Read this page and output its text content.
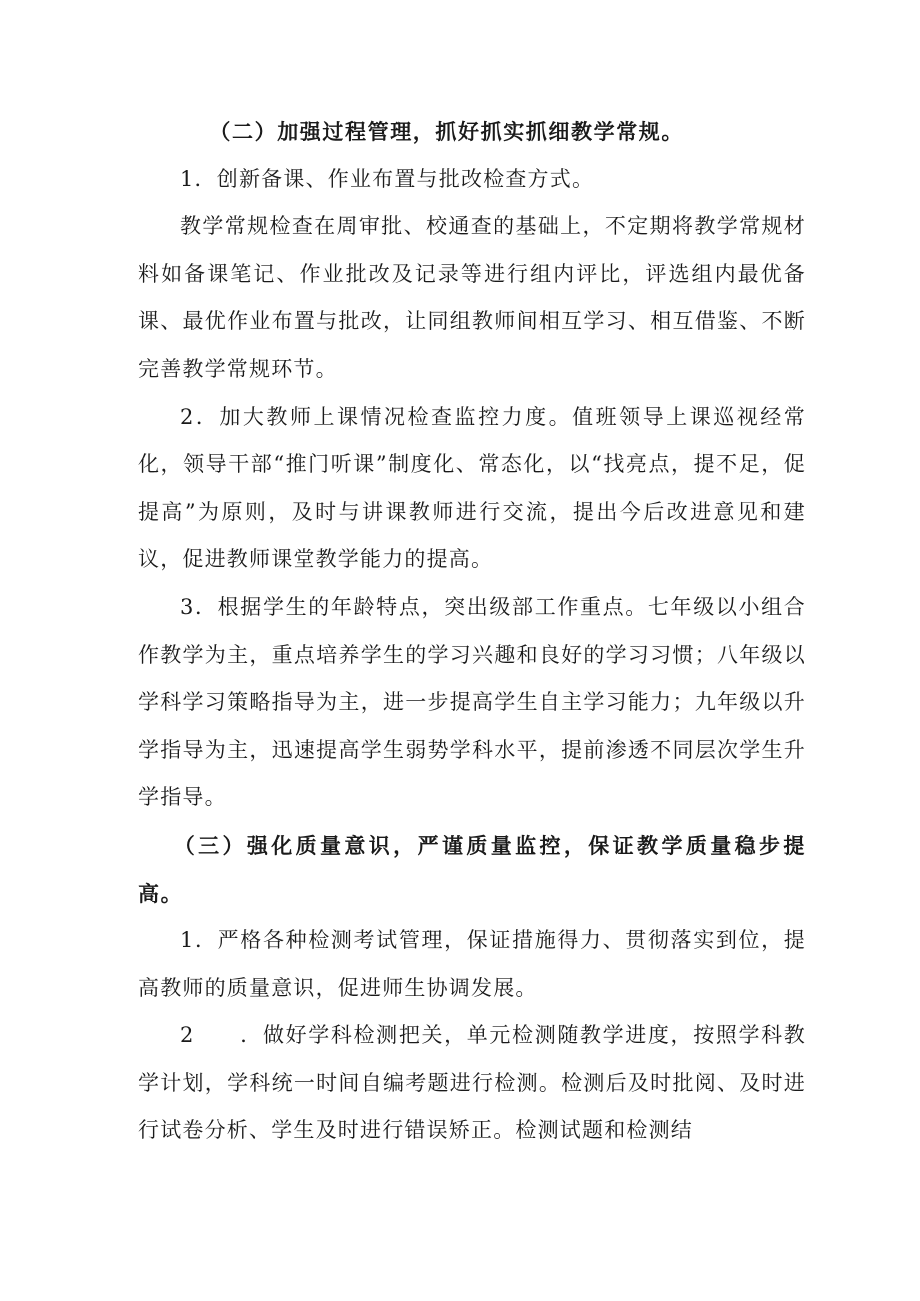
（二）加强过程管理，抓好抓实抓细教学常规。

1．创新备课、作业布置与批改检查方式。

教学常规检查在周审批、校通查的基础上，不定期将教学常规材料如备课笔记、作业批改及记录等进行组内评比，评选组内最优备课、最优作业布置与批改，让同组教师间相互学习、相互借鉴、不断完善教学常规环节。

2．加大教师上课情况检查监控力度。值班领导上课巡视经常化，领导干部“推门听课”制度化、常态化，以“找亮点，提不足，促提高”为原则，及时与讲课教师进行交流，提出今后改进意见和建议，促进教师课堂教学能力的提高。

3．根据学生的年龄特点，突出级部工作重点。七年级以小组合作教学为主，重点培养学生的学习兴趣和良好的学习习惯；八年级以学科学习策略指导为主，进一步提高学生自主学习能力；九年级以升学指导为主，迅速提高学生弱势学科水平，提前渗透不同层次学生升学指导。

（三）强化质量意识，严谨质量监控，保证教学质量稳步提高。

1．严格各种检测考试管理，保证措施得力、贯彻落实到位，提高教师的质量意识，促进师生协调发展。

2　　．做好学科检测把关，单元检测随教学进度，按照学科教学计划，学科统一时间自编考题进行检测。检测后及时批阅、及时进行试卷分析、学生及时进行错误矫正。检测试题和检测结
